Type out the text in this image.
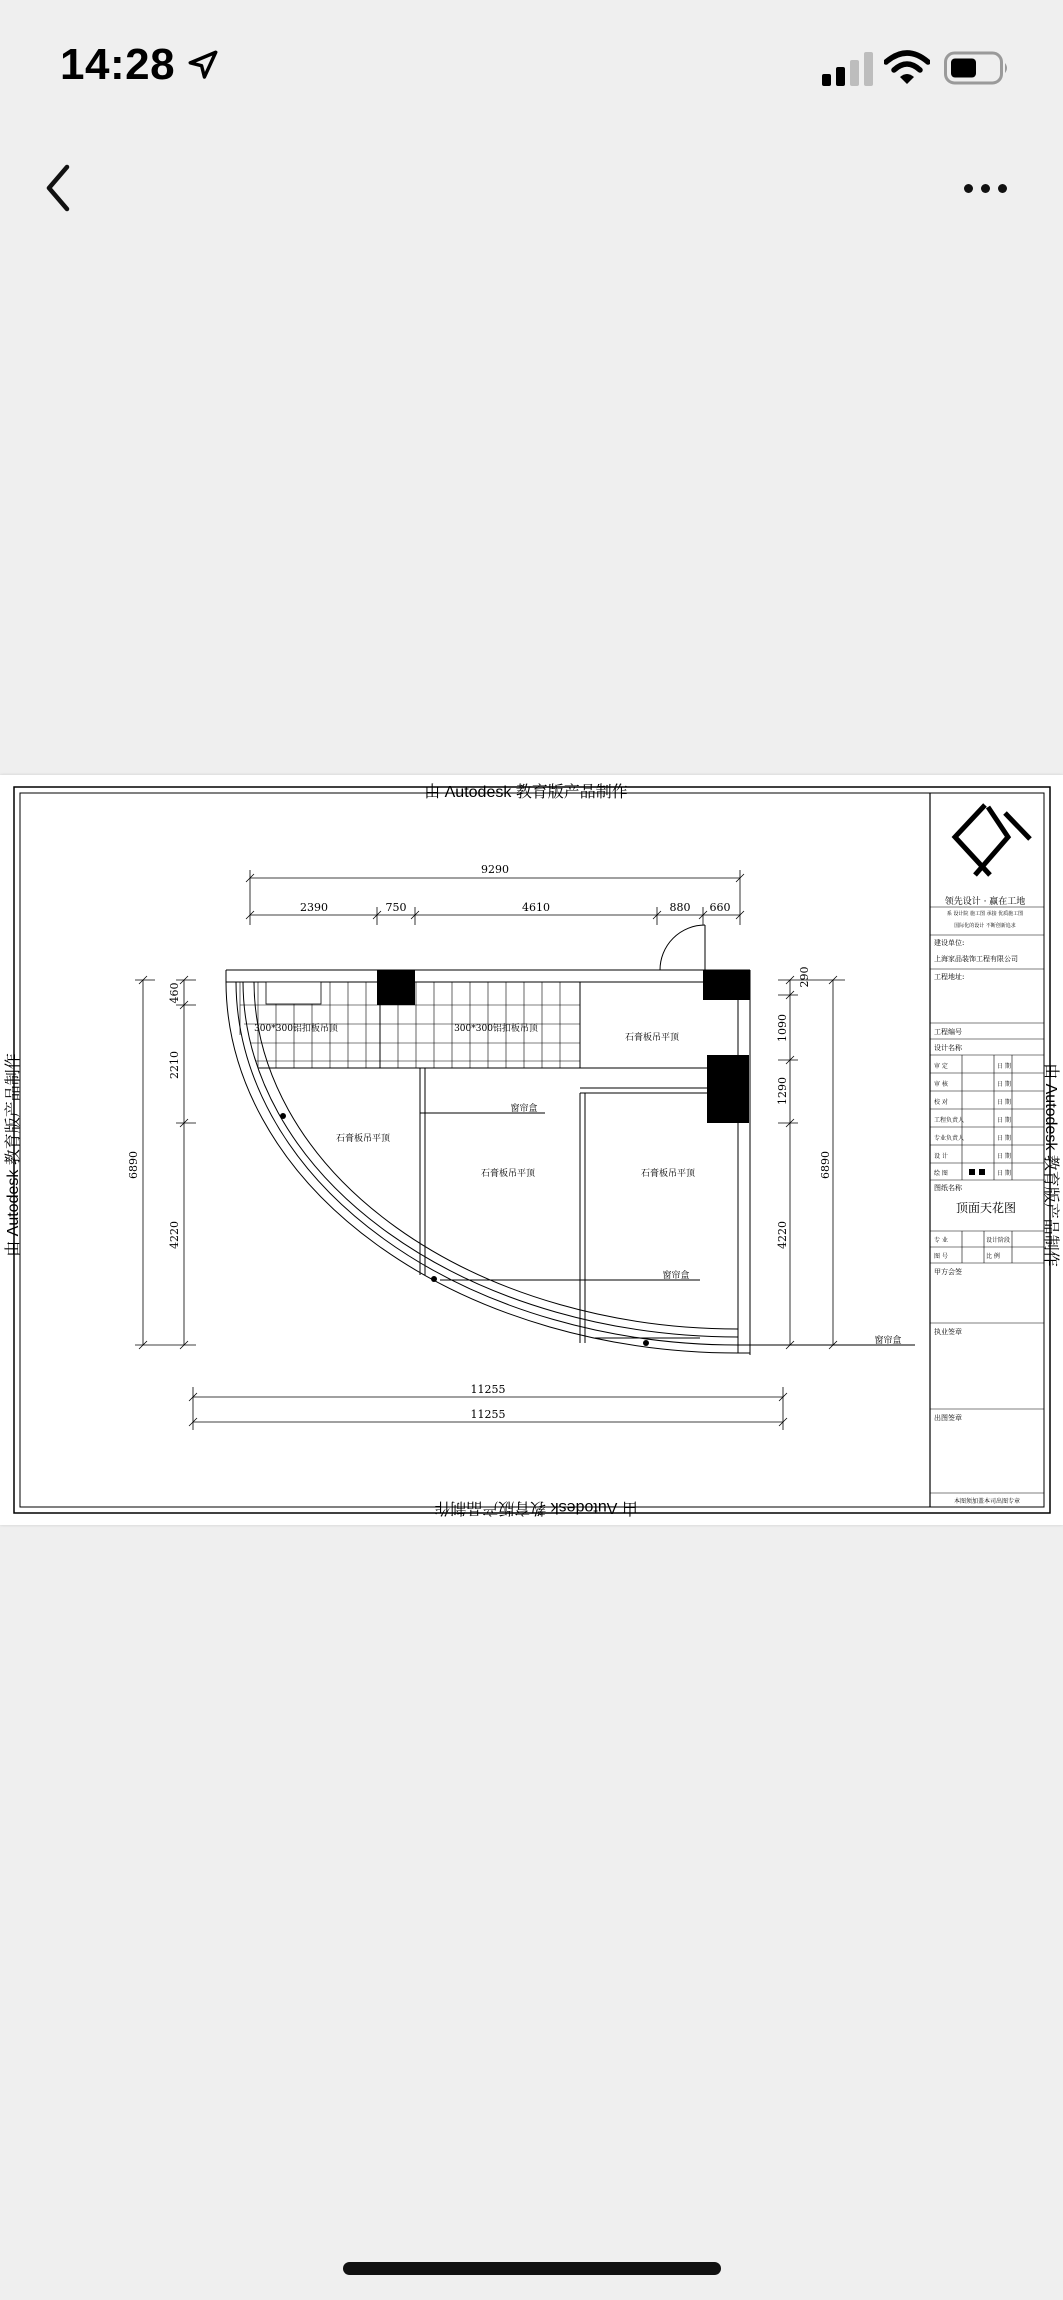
14:28
由 Autodesk 教育版产品制作
由 Autodesk 教育版产品制作
由 Autodesk 教育版产品制作	由 Autodesk 教育版产品制作
9290
2390	750	4610	880 660
6890
460
2210
4220
290
1090
1290
4220
6890
11255
11255
300*300铝扣板吊顶	300*300铝扣板吊顶
石膏板吊平顶
石膏板吊平顶
石膏板吊平顶	石膏板吊平顶
窗帘盒
窗帘盒
窗帘盒
领先设计 · 赢在工地
系 设计院 施工图 承接 优质施工图
国际化的设计 不断创新追求
建设单位:
上海家品装饰工程有限公司
工程地址:
工程编号
设计名称
审 定	日 期
审 核	日 期
校 对	日 期
工程负责人	日 期
专业负责人	日 期
设 计	日 期
绘 图	日 期
图纸名称
顶面天花图
专 业	设计阶段
图 号	比 例
甲方会签
执业签章
出图签章
本图须加盖本司出图专章
